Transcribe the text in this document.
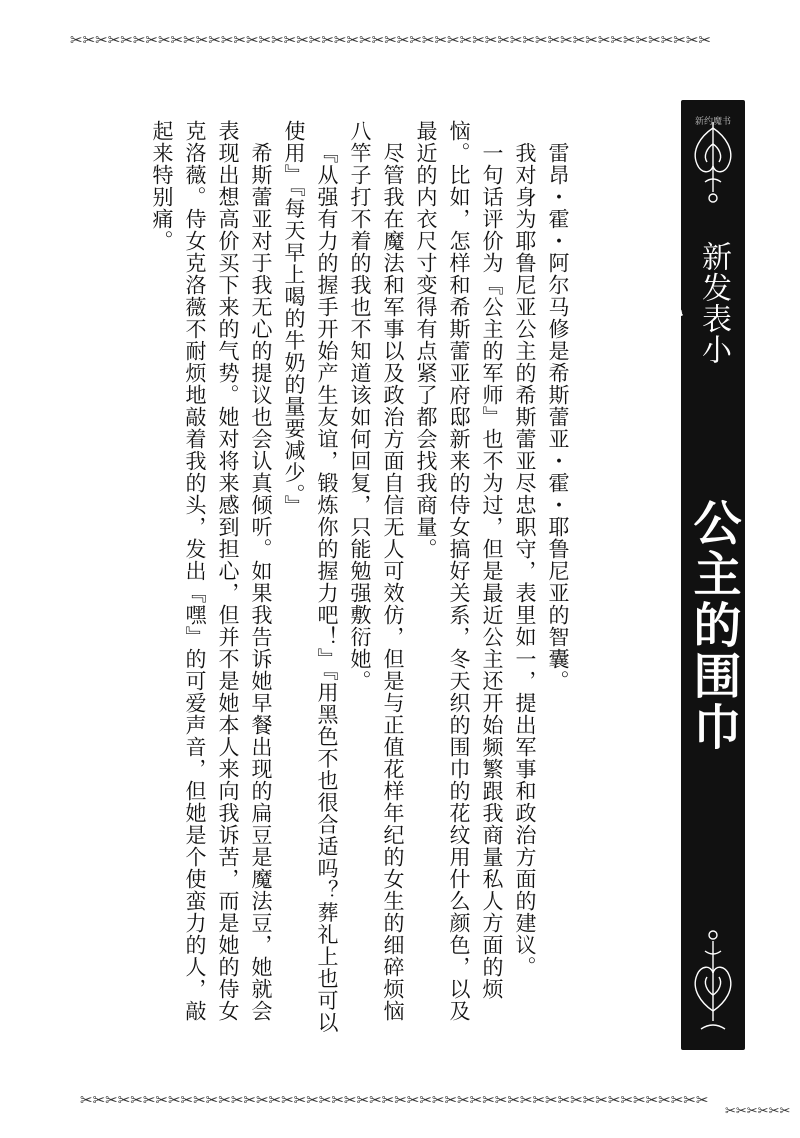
✂✂✂✂✂✂✂✂✂✂✂✂✂✂✂✂✂✂✂✂✂✂✂✂✂✂✂✂✂✂✂✂✂✂✂✂✂✂✂✂✂✂✂✂✂✂✂✂✂✂✂

雷昂・霍・阿尔马修是希斯蕾亚・霍・耶鲁尼亚的智囊。

我对身为耶鲁尼亚公主的希斯蕾亚尽忠职守，表里如一，提出军事和政治方面的建议。

一句话评价为『公主的军师』也不为过，但是最近公主还开始频繁跟我商量私人方面的烦恼。比如，怎样和希斯蕾亚府邸新来的侍女搞好关系，冬天织的围巾的花纹用什么颜色，以及最近的内衣尺寸变得有点紧了都会找我商量。

尽管我在魔法和军事以及政治方面自信无人可效仿，但是与正值花样年纪的女生的细碎烦恼八竿子打不着的我也不知道该如何回复，只能勉强敷衍她。

『从强有力的握手开始产生友谊，锻炼你的握力吧！』『用黑色不也很合适吗？葬礼上也可以使用』『每天早上喝的牛奶的量要减少。』

希斯蕾亚对于我无心的提议也会认真倾听。如果我告诉她早餐出现的扁豆是魔法豆，她就会表现出想高价买下来的气势。她对将来感到担心，但并不是她本人来向我诉苦，而是她的侍女克洛薇。侍女克洛薇不耐烦地敲着我的头，发出『嘿』的可爱声音，但她是个使蛮力的人，敲起来特别痛。	新约魔书
新发表小说
公主的围巾
✂✂✂✂✂✂✂✂✂✂✂✂✂✂✂✂✂✂✂✂✂✂✂✂✂✂✂✂✂✂✂✂✂✂✂✂✂✂✂✂✂✂✂✂✂✂✂✂✂✂
✂✂✂✂✂✂
